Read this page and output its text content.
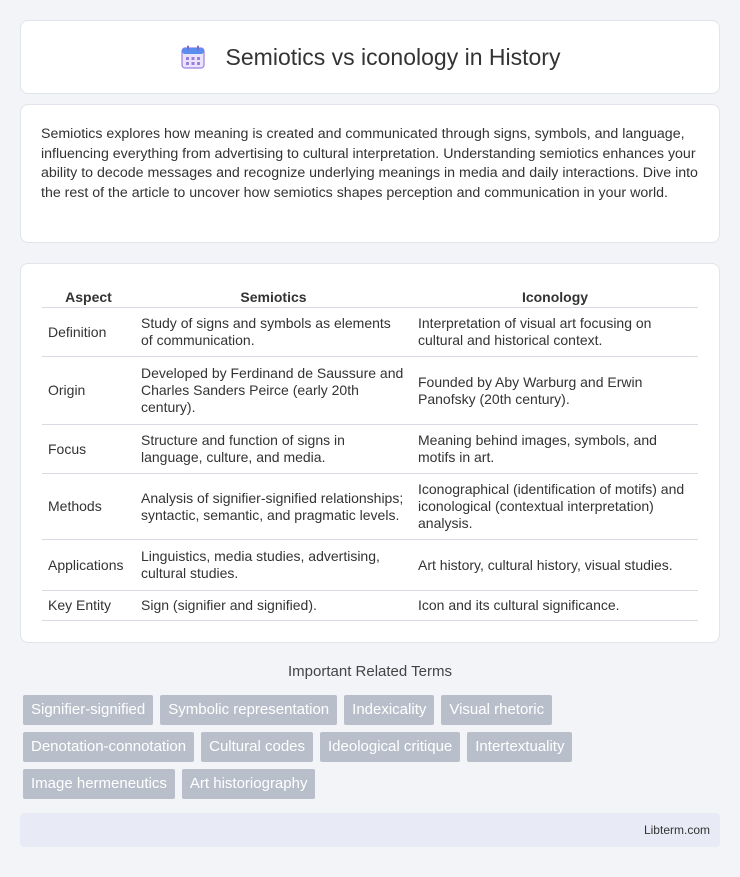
Semiotics vs iconology in History

Semiotics explores how meaning is created and communicated through signs, symbols, and language, influencing everything from advertising to cultural interpretation. Understanding semiotics enhances your ability to decode messages and recognize underlying meanings in media and daily interactions. Dive into the rest of the article to uncover how semiotics shapes perception and communication in your world.

Aspect	Semiotics	Iconology
Definition	Study of signs and symbols as elements of communication.	Interpretation of visual art focusing on cultural and historical context.
Origin	Developed by Ferdinand de Saussure and Charles Sanders Peirce (early 20th century).	Founded by Aby Warburg and Erwin Panofsky (20th century).
Focus	Structure and function of signs in language, culture, and media.	Meaning behind images, symbols, and motifs in art.
Methods	Analysis of signifier-signified relationships; syntactic, semantic, and pragmatic levels.	Iconographical (identification of motifs) and iconological (contextual interpretation) analysis.
Applications	Linguistics, media studies, advertising, cultural studies.	Art history, cultural history, visual studies.
Key Entity	Sign (signifier and signified).	Icon and its cultural significance.
Important Related Terms
Signifier-signified	Symbolic representation	Indexicality	Visual rhetoric
Denotation-connotation	Cultural codes	Ideological critique	Intertextuality
Image hermeneutics	Art historiography
Libterm.com
